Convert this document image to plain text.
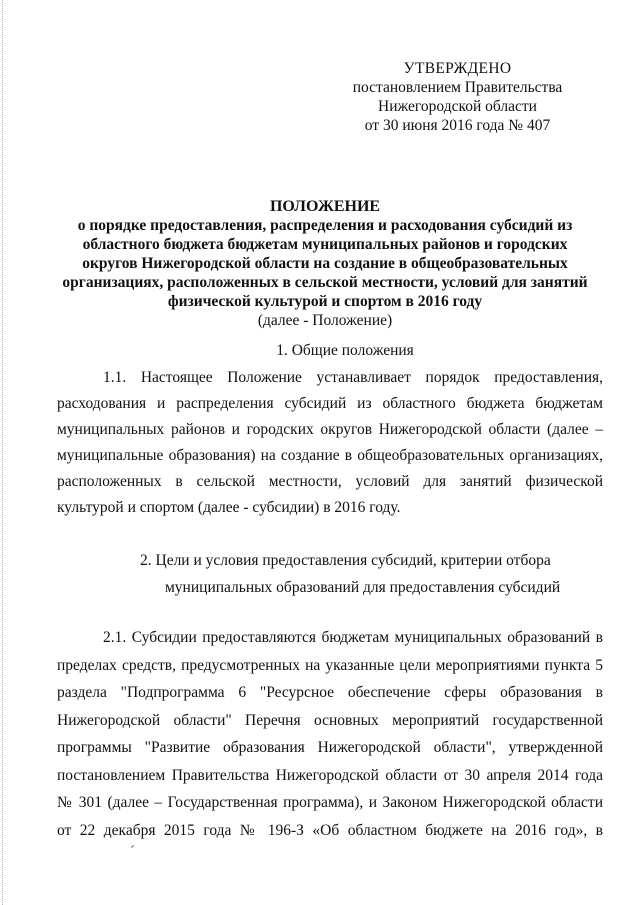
УТВЕРЖДЕНО
постановлением Правительства
Нижегородской области
от 30 июня 2016 года № 407
ПОЛОЖЕНИЕ
о порядке предоставления, распределения и расходования субсидий из
областного бюджета бюджетам муниципальных районов и городских
округов Нижегородской области на создание в общеобразовательных
организациях, расположенных в сельской местности, условий для занятий
физической культурой и спортом в 2016 году
(далее - Положение)
1. Общие положения
1.1. Настоящее Положение устанавливает порядок предоставления,
расходования и распределения субсидий из областного бюджета бюджетам
муниципальных районов и городских округов Нижегородской области (далее –
муниципальные образования) на создание в общеобразовательных организациях,
расположенных в сельской местности, условий для занятий физической
культурой и спортом (далее - субсидии) в 2016 году.
2. Цели и условия предоставления субсидий, критерии отбора
муниципальных образований для предоставления субсидий
2.1. Субсидии предоставляются бюджетам муниципальных образований в
пределах средств, предусмотренных на указанные цели мероприятиями пункта 5
раздела "Подпрограмма 6 "Ресурсное обеспечение сферы образования в
Нижегородской области" Перечня основных мероприятий государственной
программы "Развитие образования Нижегородской области", утвержденной
постановлением Правительства Нижегородской области от 30 апреля 2014 года
№ 301 (далее – Государственная программа), и Законом Нижегородской области
от 22 декабря 2015 года № 196-З «Об областном бюджете на 2016 год», в
